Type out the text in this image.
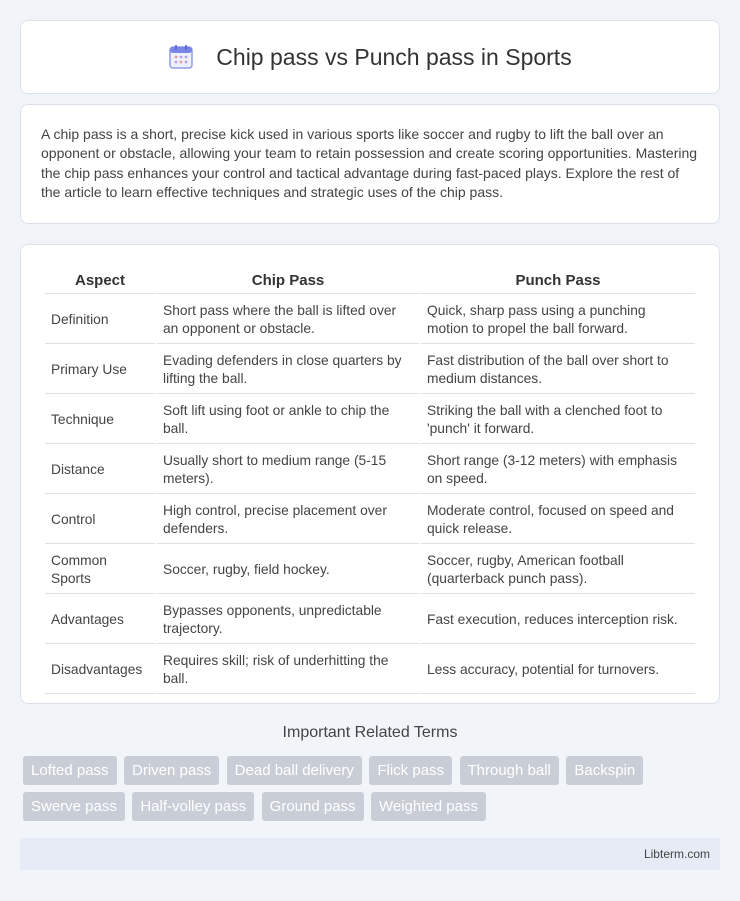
Chip pass vs Punch pass in Sports

A chip pass is a short, precise kick used in various sports like soccer and rugby to lift the ball over an opponent or obstacle, allowing your team to retain possession and create scoring opportunities. Mastering the chip pass enhances your control and tactical advantage during fast-paced plays. Explore the rest of the article to learn effective techniques and strategic uses of the chip pass.

Aspect	Chip Pass	Punch Pass
Definition	Short pass where the ball is lifted over an opponent or obstacle.	Quick, sharp pass using a punching motion to propel the ball forward.
Primary Use	Evading defenders in close quarters by lifting the ball.	Fast distribution of the ball over short to medium distances.
Technique	Soft lift using foot or ankle to chip the ball.	Striking the ball with a clenched foot to 'punch' it forward.
Distance	Usually short to medium range (5-15 meters).	Short range (3-12 meters) with emphasis on speed.
Control	High control, precise placement over defenders.	Moderate control, focused on speed and quick release.
Common Sports	Soccer, rugby, field hockey.	Soccer, rugby, American football (quarterback punch pass).
Advantages	Bypasses opponents, unpredictable trajectory.	Fast execution, reduces interception risk.
Disadvantages	Requires skill; risk of underhitting the ball.	Less accuracy, potential for turnovers.
Important Related Terms
Lofted pass Driven pass Dead ball delivery Flick pass Through ball Backspin Swerve pass Half-volley pass Ground pass Weighted pass
Libterm.com
